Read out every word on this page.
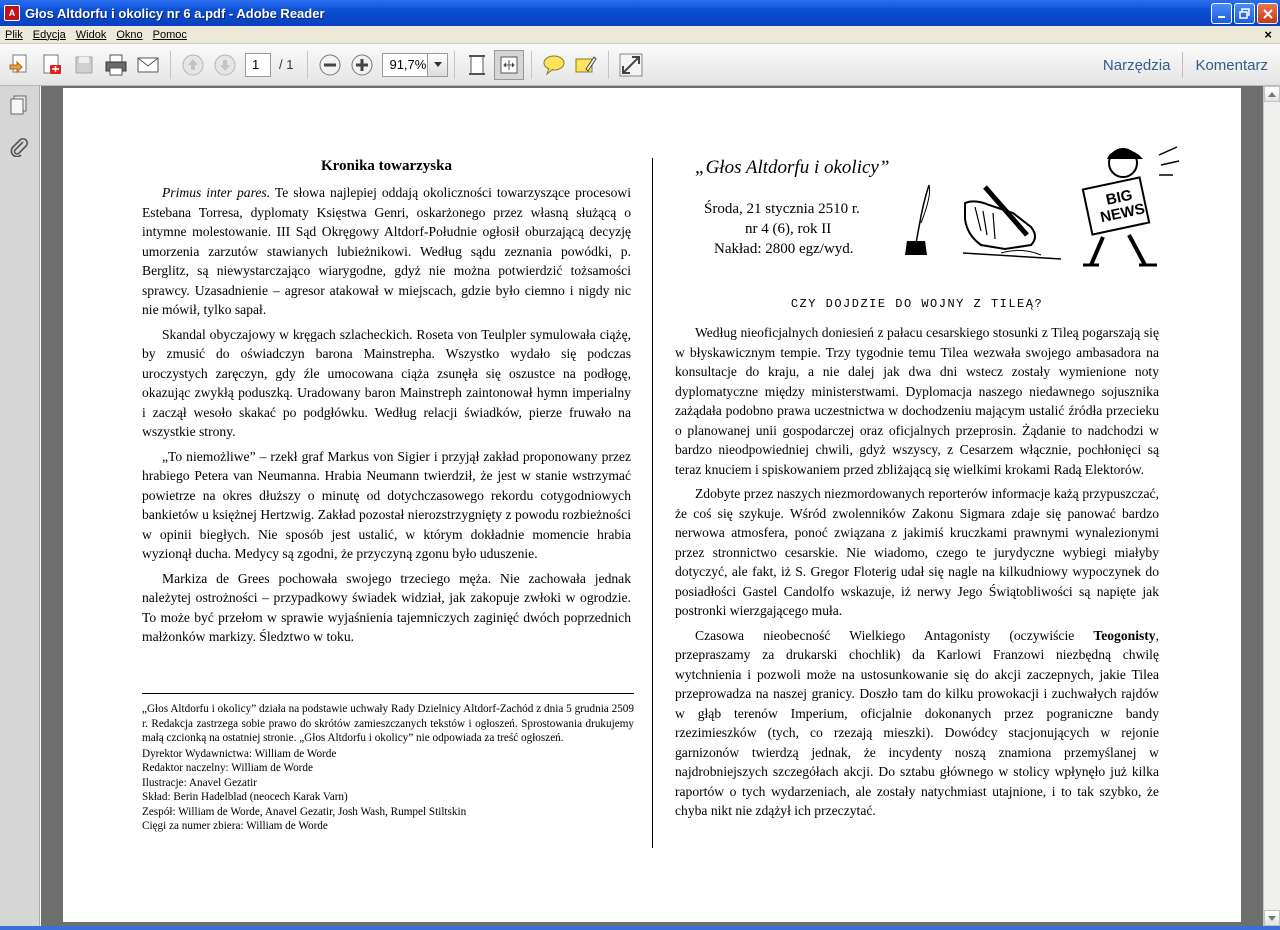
A Głos Altdorfu i okolicy nr 6 a.pdf - Adobe Reader
Plik Edycja Widok Okno Pomoc	×
1	/ 1	91,7%	Narzędzia	Komentarz
Kronika towarzyska

Primus inter pares. Te słowa najlepiej oddają okoliczności towarzyszące procesowi Estebana Torresa, dyplomaty Księstwa Genri, oskarżonego przez własną służącą o intymne molestowanie. III Sąd Okręgowy Altdorf-Południe ogłosił oburzającą decyzję umorzenia zarzutów stawianych lubieżnikowi. Według sądu zeznania powódki, p. Berglitz, są niewystarczająco wiarygodne, gdyż nie można potwierdzić tożsamości sprawcy. Uzasadnienie – agresor atakował w miejscach, gdzie było ciemno i nigdy nic nie mówił, tylko sapał.

Skandal obyczajowy w kręgach szlacheckich. Roseta von Teulpler symulowała ciążę, by zmusić do oświadczyn barona Mainstrepha. Wszystko wydało się podczas uroczystych zaręczyn, gdy źle umocowana ciąża zsunęła się oszustce na podłogę, okazując zwykłą poduszką. Uradowany baron Mainstreph zaintonował hymn imperialny i zaczął wesoło skakać po podgłówku. Według relacji świadków, pierze fruwało na wszystkie strony.

„To niemożliwe” – rzekł graf Markus von Sigier i przyjął zakład proponowany przez hrabiego Petera van Neumanna. Hrabia Neumann twierdził, że jest w stanie wstrzymać powietrze na okres dłuższy o minutę od dotychczasowego rekordu cotygodniowych bankietów u księżnej Hertzwig. Zakład pozostał nierozstrzygnięty z powodu rozbieżności w opinii biegłych. Nie sposób jest ustalić, w którym dokładnie momencie hrabia wyzionął ducha. Medycy są zgodni, że przyczyną zgonu było uduszenie.

Markiza de Grees pochowała swojego trzeciego męża. Nie zachowała jednak należytej ostrożności – przypadkowy świadek widział, jak zakopuje zwłoki w ogrodzie. To może być przełom w sprawie wyjaśnienia tajemniczych zaginięć dwóch poprzednich małżonków markizy. Śledztwo w toku.

„Głos Altdorfu i okolicy” działa na podstawie uchwały Rady Dzielnicy Altdorf-Zachód z dnia 5 grudnia 2509 r. Redakcja zastrzega sobie prawo do skrótów zamieszczanych tekstów i ogłoszeń. Sprostowania drukujemy małą czcionką na ostatniej stronie. „Głos Altdorfu i okolicy” nie odpowiada za treść ogłoszeń.
Dyrektor Wydawnictwa: William de Worde
Redaktor naczelny: William de Worde
Ilustracje: Anavel Gezatir
Skład: Berin Hadelblad (neocech Karak Varn)
Zespół: William de Worde, Anavel Gezatir, Josh Wash, Rumpel Stiltskin
Cięgi za numer zbiera: William de Worde
„Głos Altdorfu i okolicy”
Środa, 21 stycznia 2510 r.
nr 4 (6), rok II
Nakład: 2800 egz/wyd.
BIG NEWS
CZY DOJDZIE DO WOJNY Z TILEĄ?

Według nieoficjalnych doniesień z pałacu cesarskiego stosunki z Tileą pogarszają się w błyskawicznym tempie. Trzy tygodnie temu Tilea wezwała swojego ambasadora na konsultacje do kraju, a nie dalej jak dwa dni wstecz zostały wymienione noty dyplomatyczne między ministerstwami. Dyplomacja naszego niedawnego sojusznika zażądała podobno prawa uczestnictwa w dochodzeniu mającym ustalić źródła przecieku o planowanej unii gospodarczej oraz oficjalnych przeprosin. Żądanie to nadchodzi w bardzo nieodpowiedniej chwili, gdyż wszyscy, z Cesarzem włącznie, pochłonięci są teraz knuciem i spiskowaniem przed zbliżającą się wielkimi krokami Radą Elektorów.

Zdobyte przez naszych niezmordowanych reporterów informacje każą przypuszczać, że coś się szykuje. Wśród zwolenników Zakonu Sigmara zdaje się panować bardzo nerwowa atmosfera, ponoć związana z jakimiś kruczkami prawnymi wynalezionymi przez stronnictwo cesarskie. Nie wiadomo, czego te jurydyczne wybiegi miałyby dotyczyć, ale fakt, iż S. Gregor Floterig udał się nagle na kilkudniowy wypoczynek do posiadłości Gastel Candolfo wskazuje, iż nerwy Jego Świątobliwości są napięte jak postronki wierzgającego muła.

Czasowa nieobecność Wielkiego Antagonisty (oczywiście Teogonisty, przepraszamy za drukarski chochlik) da Karlowi Franzowi niezbędną chwilę wytchnienia i pozwoli może na ustosunkowanie się do akcji zaczepnych, jakie Tilea przeprowadza na naszej granicy. Doszło tam do kilku prowokacji i zuchwałych rajdów w głąb terenów Imperium, oficjalnie dokonanych przez pograniczne bandy rzezimieszków (tych, co rzezają mieszki). Dowódcy stacjonujących w rejonie garnizonów twierdzą jednak, że incydenty noszą znamiona przemyślanej w najdrobniejszych szczegółach akcji. Do sztabu głównego w stolicy wpłynęło już kilka raportów o tych wydarzeniach, ale zostały natychmiast utajnione, i to tak szybko, że chyba nikt nie zdążył ich przeczytać.
